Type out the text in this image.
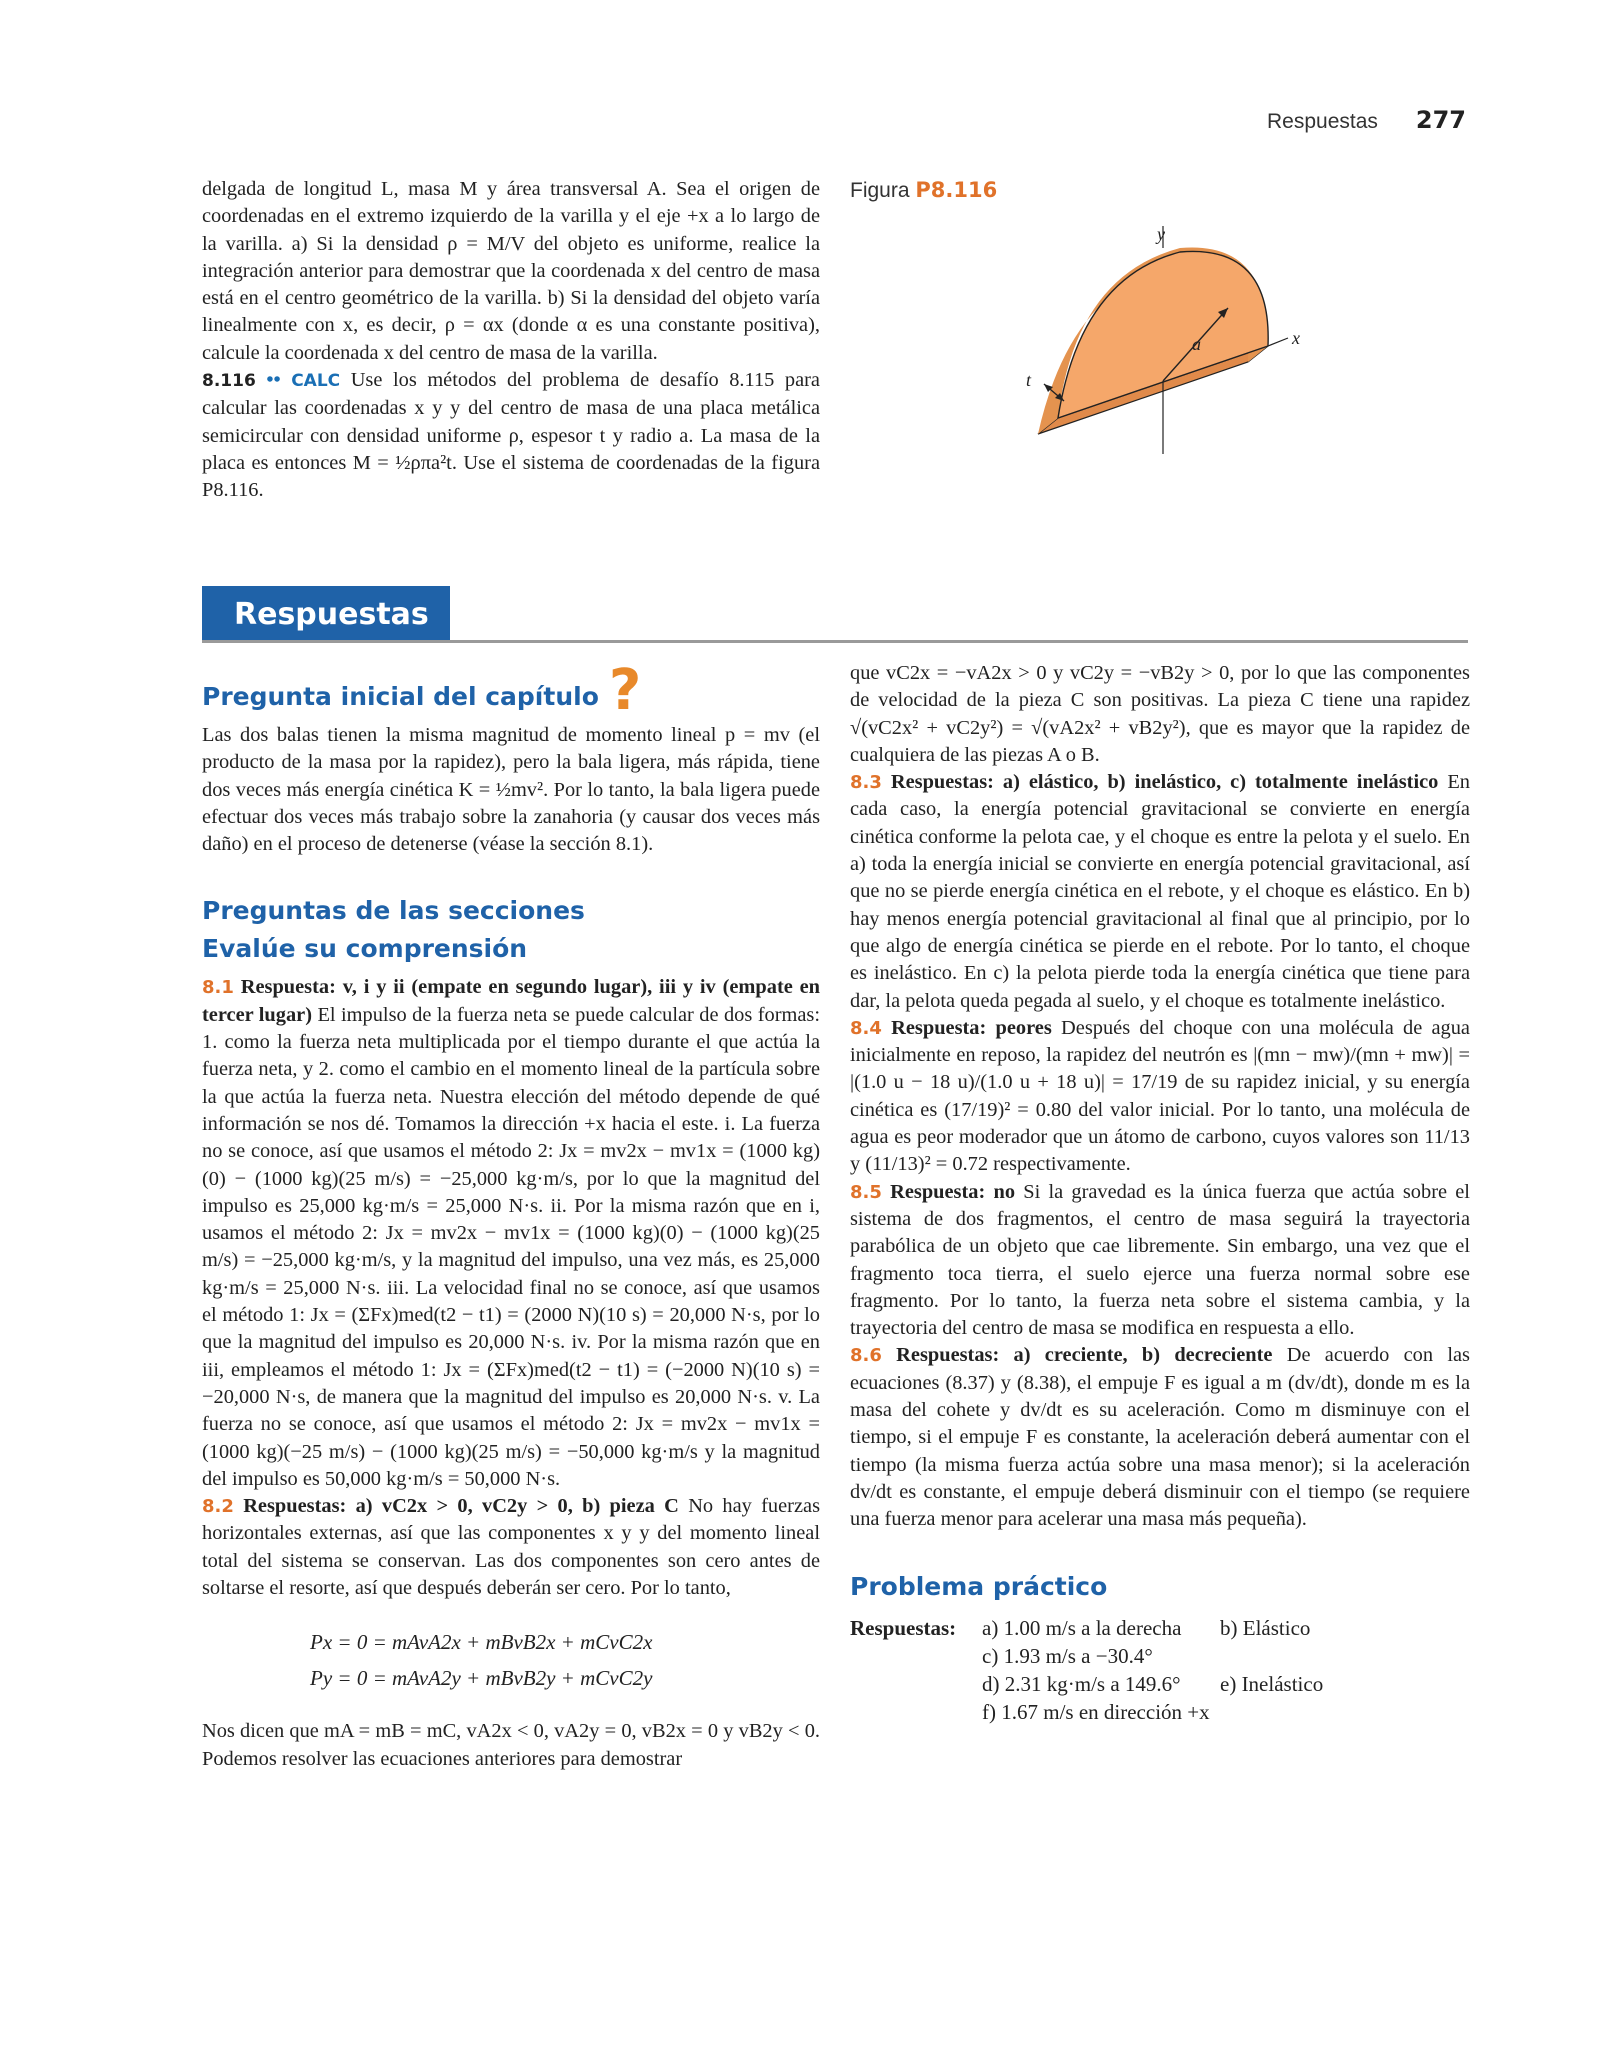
Respuestas 277

delgada de longitud L, masa M y área transversal A. Sea el origen de coordenadas en el extremo izquierdo de la varilla y el eje +x a lo largo de la varilla. a) Si la densidad ρ = M/V del objeto es uniforme, realice la integración anterior para demostrar que la coordenada x del centro de masa está en el centro geométrico de la varilla. b) Si la densidad del objeto varía linealmente con x, es decir, ρ = αx (donde α es una constante positiva), calcule la coordenada x del centro de masa de la varilla.

8.116 •• CALC Use los métodos del problema de desafío 8.115 para calcular las coordenadas x y y del centro de masa de una placa metálica semicircular con densidad uniforme ρ, espesor t y radio a. La masa de la placa es entonces M = ½ρπa²t. Use el sistema de coordenadas de la figura P8.116.

Figura P8.116
y
x
a
t
Respuestas
Pregunta inicial del capítulo ?

Las dos balas tienen la misma magnitud de momento lineal p = mv (el producto de la masa por la rapidez), pero la bala ligera, más rápida, tiene dos veces más energía cinética K = ½mv². Por lo tanto, la bala ligera puede efectuar dos veces más trabajo sobre la zanahoria (y causar dos veces más daño) en el proceso de detenerse (véase la sección 8.1).

Preguntas de las secciones
Evalúe su comprensión

8.1 Respuesta: v, i y ii (empate en segundo lugar), iii y iv (empate en tercer lugar) El impulso de la fuerza neta se puede calcular de dos formas: 1. como la fuerza neta multiplicada por el tiempo durante el que actúa la fuerza neta, y 2. como el cambio en el momento lineal de la partícula sobre la que actúa la fuerza neta. Nuestra elección del método depende de qué información se nos dé. Tomamos la dirección +x hacia el este. i. La fuerza no se conoce, así que usamos el método 2: Jx = mv2x − mv1x = (1000 kg)(0) − (1000 kg)(25 m/s) = −25,000 kg·m/s, por lo que la magnitud del impulso es 25,000 kg·m/s = 25,000 N·s. ii. Por la misma razón que en i, usamos el método 2: Jx = mv2x − mv1x = (1000 kg)(0) − (1000 kg)(25 m/s) = −25,000 kg·m/s, y la magnitud del impulso, una vez más, es 25,000 kg·m/s = 25,000 N·s. iii. La velocidad final no se conoce, así que usamos el método 1: Jx = (ΣFx)med(t2 − t1) = (2000 N)(10 s) = 20,000 N·s, por lo que la magnitud del impulso es 20,000 N·s. iv. Por la misma razón que en iii, empleamos el método 1: Jx = (ΣFx)med(t2 − t1) = (−2000 N)(10 s) = −20,000 N·s, de manera que la magnitud del impulso es 20,000 N·s. v. La fuerza no se conoce, así que usamos el método 2: Jx = mv2x − mv1x = (1000 kg)(−25 m/s) − (1000 kg)(25 m/s) = −50,000 kg·m/s y la magnitud del impulso es 50,000 kg·m/s = 50,000 N·s.

8.2 Respuestas: a) vC2x > 0, vC2y > 0, b) pieza C No hay fuerzas horizontales externas, así que las componentes x y y del momento lineal total del sistema se conservan. Las dos componentes son cero antes de soltarse el resorte, así que después deberán ser cero. Por lo tanto,

Px = 0 = mAvA2x + mBvB2x + mCvC2x
Py = 0 = mAvA2y + mBvB2y + mCvC2y

Nos dicen que mA = mB = mC, vA2x < 0, vA2y = 0, vB2x = 0 y vB2y < 0. Podemos resolver las ecuaciones anteriores para demostrar

que vC2x = −vA2x > 0 y vC2y = −vB2y > 0, por lo que las componentes de velocidad de la pieza C son positivas. La pieza C tiene una rapidez √(vC2x² + vC2y²) = √(vA2x² + vB2y²), que es mayor que la rapidez de cualquiera de las piezas A o B.

8.3 Respuestas: a) elástico, b) inelástico, c) totalmente inelástico En cada caso, la energía potencial gravitacional se convierte en energía cinética conforme la pelota cae, y el choque es entre la pelota y el suelo. En a) toda la energía inicial se convierte en energía potencial gravitacional, así que no se pierde energía cinética en el rebote, y el choque es elástico. En b) hay menos energía potencial gravitacional al final que al principio, por lo que algo de energía cinética se pierde en el rebote. Por lo tanto, el choque es inelástico. En c) la pelota pierde toda la energía cinética que tiene para dar, la pelota queda pegada al suelo, y el choque es totalmente inelástico.

8.4 Respuesta: peores Después del choque con una molécula de agua inicialmente en reposo, la rapidez del neutrón es |(mn − mw)/(mn + mw)| = |(1.0 u − 18 u)/(1.0 u + 18 u)| = 17/19 de su rapidez inicial, y su energía cinética es (17/19)² = 0.80 del valor inicial. Por lo tanto, una molécula de agua es peor moderador que un átomo de carbono, cuyos valores son 11/13 y (11/13)² = 0.72 respectivamente.

8.5 Respuesta: no Si la gravedad es la única fuerza que actúa sobre el sistema de dos fragmentos, el centro de masa seguirá la trayectoria parabólica de un objeto que cae libremente. Sin embargo, una vez que el fragmento toca tierra, el suelo ejerce una fuerza normal sobre ese fragmento. Por lo tanto, la fuerza neta sobre el sistema cambia, y la trayectoria del centro de masa se modifica en respuesta a ello.

8.6 Respuestas: a) creciente, b) decreciente De acuerdo con las ecuaciones (8.37) y (8.38), el empuje F es igual a m (dv/dt), donde m es la masa del cohete y dv/dt es su aceleración. Como m disminuye con el tiempo, si el empuje F es constante, la aceleración deberá aumentar con el tiempo (la misma fuerza actúa sobre una masa menor); si la aceleración dv/dt es constante, el empuje deberá disminuir con el tiempo (se requiere una fuerza menor para acelerar una masa más pequeña).

Problema práctico
Respuestas:	a) 1.00 m/s a la derecha	b) Elástico
c) 1.93 m/s a −30.4°
d) 2.31 kg·m/s a 149.6°	e) Inelástico
f) 1.67 m/s en dirección +x
